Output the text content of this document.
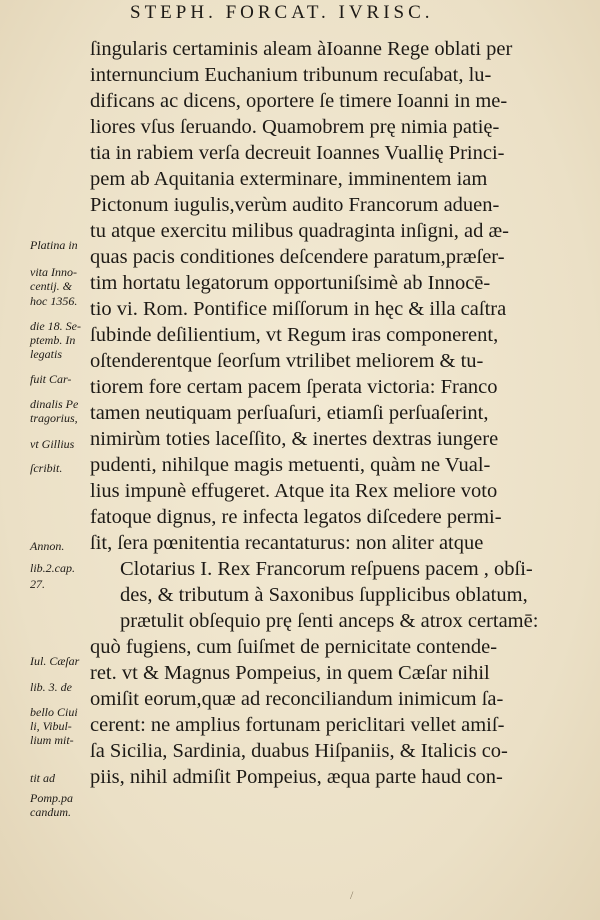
STEPH. FORCAT. IVRISC.
ſingularis certaminis aleam àIoanne Rege oblati per
internuncium Euchanium tribunum recuſabat, lu-
dificans ac dicens, oportere ſe timere Ioanni in me-
liores vſus ſeruando. Quamobrem prę nimia patię-
tia in rabiem verſa decreuit Ioannes Vuallię Princi-
pem ab Aquitania exterminare, imminentem iam
Pictonum iugulis,verùm audito Francorum aduen-
tu atque exercitu milibus quadraginta inſigni, ad æ-
quas pacis conditiones deſcendere paratum,præſer-
tim hortatu legatorum opportuniſsimè ab Innocē-
tio vi. Rom. Pontifice miſſorum in hęc & illa caſtra
ſubinde deſilientium, vt Regum iras componerent,
oſtenderentque ſeorſum vtrilibet meliorem & tu-
tiorem fore certam pacem ſperata victoria: Franco
tamen neutiquam perſuaſuri, etiamſi perſuaſerint,
nimirùm toties laceſſito, & inertes dextras iungere
pudenti, nihilque magis metuenti, quàm ne Vual-
lius impunè effugeret. Atque ita Rex meliore voto
fatoque dignus, re infecta legatos diſcedere permi-
ſit, ſera pœnitentia recantaturus: non aliter atque
Clotarius I. Rex Francorum reſpuens pacem , obſi-
des, & tributum à Saxonibus ſupplicibus oblatum,
prætulit obſequio prę ſenti anceps & atrox certamē:
quò fugiens, cum ſuiſmet de pernicitate contende-
ret. vt & Magnus Pompeius, in quem Cæſar nihil
omiſit eorum,quæ ad reconciliandum inimicum ſa-
cerent: ne amplius fortunam periclitari vellet amiſ-
ſa Sicilia, Sardinia, duabus Hiſpaniis, & Italicis co-
piis, nihil admiſit Pompeius, æqua parte haud con-
Platina in
vita Inno-
centij. &
hoc 1356.
die 18. Se-
ptemb. In
legatis
fuit Car-
dinalis Pe
tragorius,
vt Gillius
ſcribit.
Annon.
lib.2.cap.
27.
Iul. Cæſar
lib. 3. de
bello Ciui
li, Vibul-
lium mit-
tit ad
Pomp.pa
candum.
/
